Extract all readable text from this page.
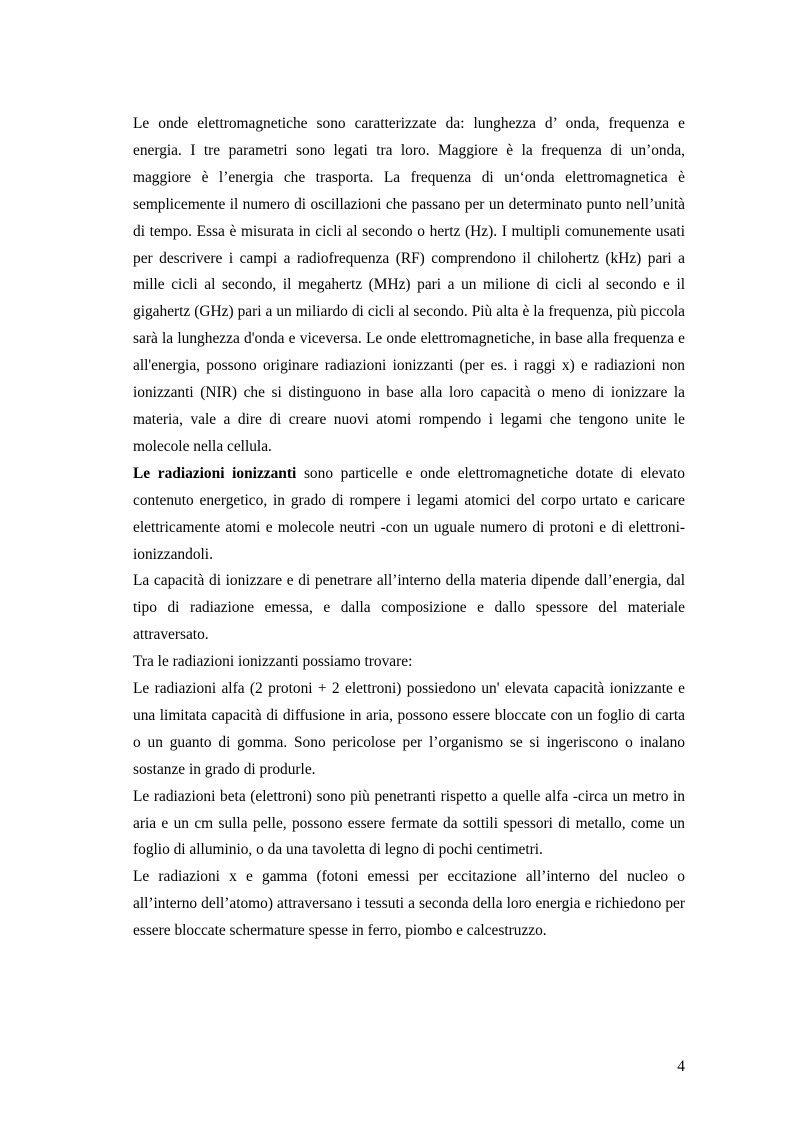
Le onde elettromagnetiche sono caratterizzate da: lunghezza d’ onda, frequenza e energia. I tre parametri sono legati tra loro. Maggiore è la frequenza di un’onda, maggiore è l’energia che trasporta. La frequenza di un‘onda elettromagnetica è semplicemente il numero di oscillazioni che passano per un determinato punto nell’unità di tempo. Essa è misurata in cicli al secondo o hertz (Hz). I multipli comunemente usati per descrivere i campi a radiofrequenza (RF) comprendono il chilohertz (kHz) pari a mille cicli al secondo, il megahertz (MHz) pari a un milione di cicli al secondo e il gigahertz (GHz) pari a un miliardo di cicli al secondo. Più alta è la frequenza, più piccola sarà la lunghezza d'onda e viceversa. Le onde elettromagnetiche, in base alla frequenza e all'energia, possono originare radiazioni ionizzanti (per es. i raggi x) e radiazioni non ionizzanti (NIR) che si distinguono in base alla loro capacità o meno di ionizzare la materia, vale a dire di creare nuovi atomi rompendo i legami che tengono unite le molecole nella cellula.

Le radiazioni ionizzanti sono particelle e onde elettromagnetiche dotate di elevato contenuto energetico, in grado di rompere i legami atomici del corpo urtato e caricare elettricamente atomi e molecole neutri -con un uguale numero di protoni e di elettroni- ionizzandoli.

La capacità di ionizzare e di penetrare all’interno della materia dipende dall’energia, dal tipo di radiazione emessa, e dalla composizione e dallo spessore del materiale attraversato.

Tra le radiazioni ionizzanti possiamo trovare:

Le radiazioni alfa (2 protoni + 2 elettroni) possiedono un' elevata capacità ionizzante e una limitata capacità di diffusione in aria, possono essere bloccate con un foglio di carta o un guanto di gomma. Sono pericolose per l’organismo se si ingeriscono o inalano sostanze in grado di produrle.

Le radiazioni beta (elettroni) sono più penetranti rispetto a quelle alfa -circa un metro in aria e un cm sulla pelle, possono essere fermate da sottili spessori di metallo, come un foglio di alluminio, o da una tavoletta di legno di pochi centimetri.

Le radiazioni x e gamma (fotoni emessi per eccitazione all’interno del nucleo o all’interno dell’atomo) attraversano i tessuti a seconda della loro energia e richiedono per essere bloccate schermature spesse in ferro, piombo e calcestruzzo.

4
